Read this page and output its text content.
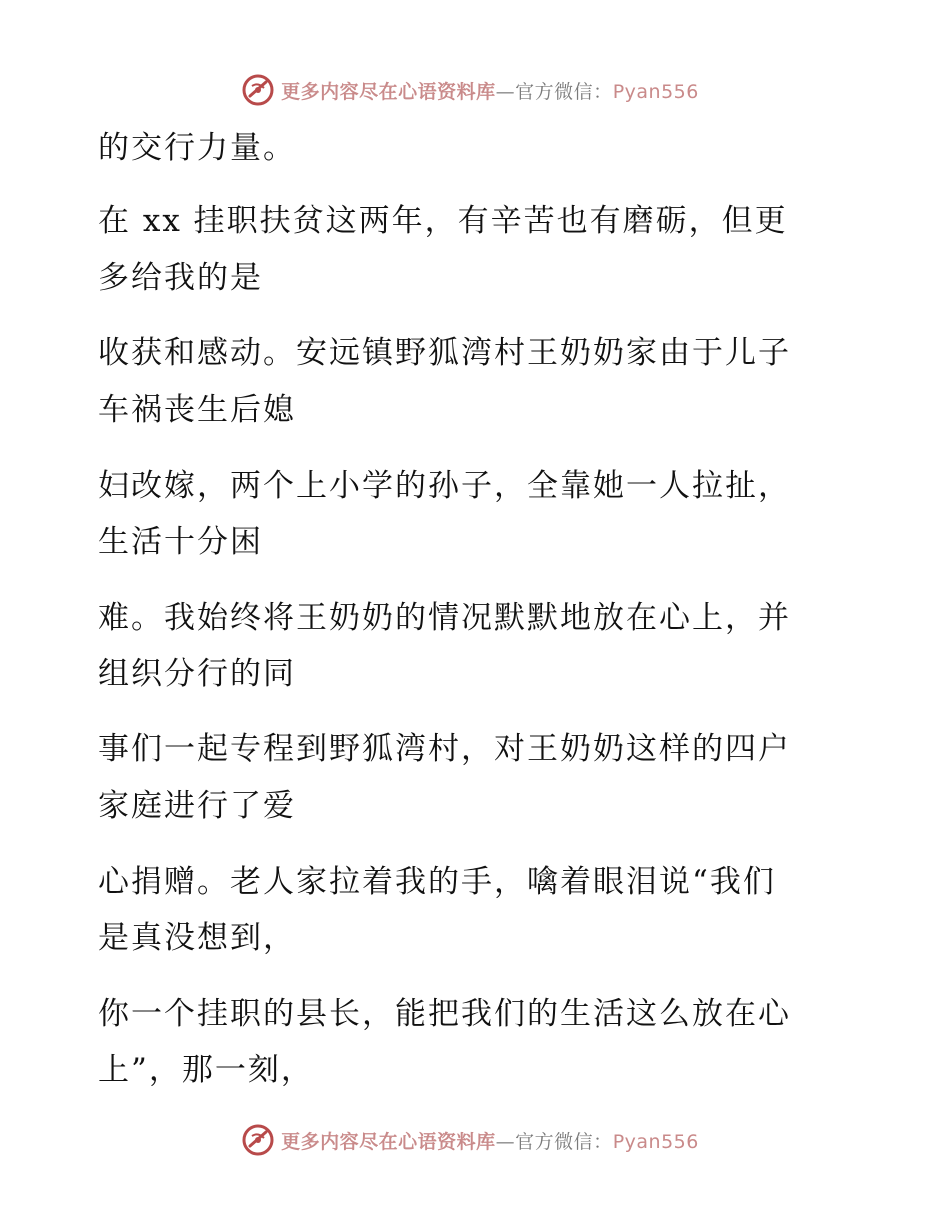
更多内容尽在心语资料库—官方微信：Pyan556
的交行力量。
在 xx 挂职扶贫这两年，有辛苦也有磨砺，但更
多给我的是
收获和感动。安远镇野狐湾村王奶奶家由于儿子
车祸丧生后媳
妇改嫁，两个上小学的孙子，全靠她一人拉扯，
生活十分困
难。我始终将王奶奶的情况默默地放在心上，并
组织分行的同
事们一起专程到野狐湾村，对王奶奶这样的四户
家庭进行了爱
心捐赠。老人家拉着我的手，噙着眼泪说“我们
是真没想到，
你一个挂职的县长，能把我们的生活这么放在心
上”，那一刻，
更多内容尽在心语资料库—官方微信：Pyan556
